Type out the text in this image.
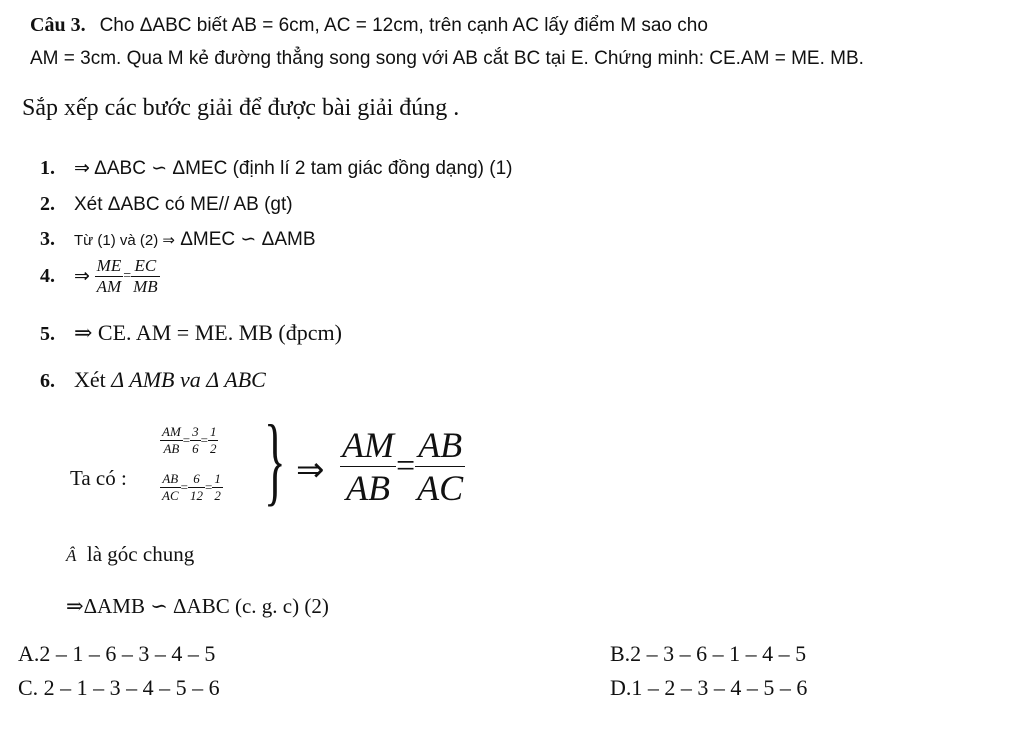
Câu 3. Cho ΔABC biết AB = 6cm, AC = 12cm, trên cạnh AC lấy điểm M sao cho
AM = 3cm. Qua M kẻ đường thẳng song song với AB cắt BC tại E. Chứng minh: CE.AM = ME. MB.
Sắp xếp các bước giải để được bài giải đúng .
1. ⇒ ΔABC ∽ ΔMEC (định lí 2 tam giác đồng dạng) (1)
2. Xét ΔABC có ME// AB (gt)
3. Từ (1) và (2) ⇒ ΔMEC ∽ ΔAMB
4. ⇒ $\frac{ME}{AM} = \frac{EC}{MB}$
5. ⇒ CE. AM = ME. MB (đpcm)
6. Xét Δ AMB va Δ ABC
Ta có :
$\frac{AM}{AB} = \frac{3}{6} = \frac{1}{2}$
$\frac{AB}{AC} = \frac{6}{12} = \frac{1}{2}$ } ⇒ $\frac{AM}{AB} = \frac{AB}{AC}$
Â là góc chung
⇒ΔAMB ∽ ΔABC (c. g. c) (2)
A.2 – 1 – 6 – 3 – 4 – 5	B.2 – 3 – 6 – 1 – 4 – 5
C. 2 – 1 – 3 – 4 – 5 – 6	D.1 – 2 – 3 – 4 – 5 – 6
